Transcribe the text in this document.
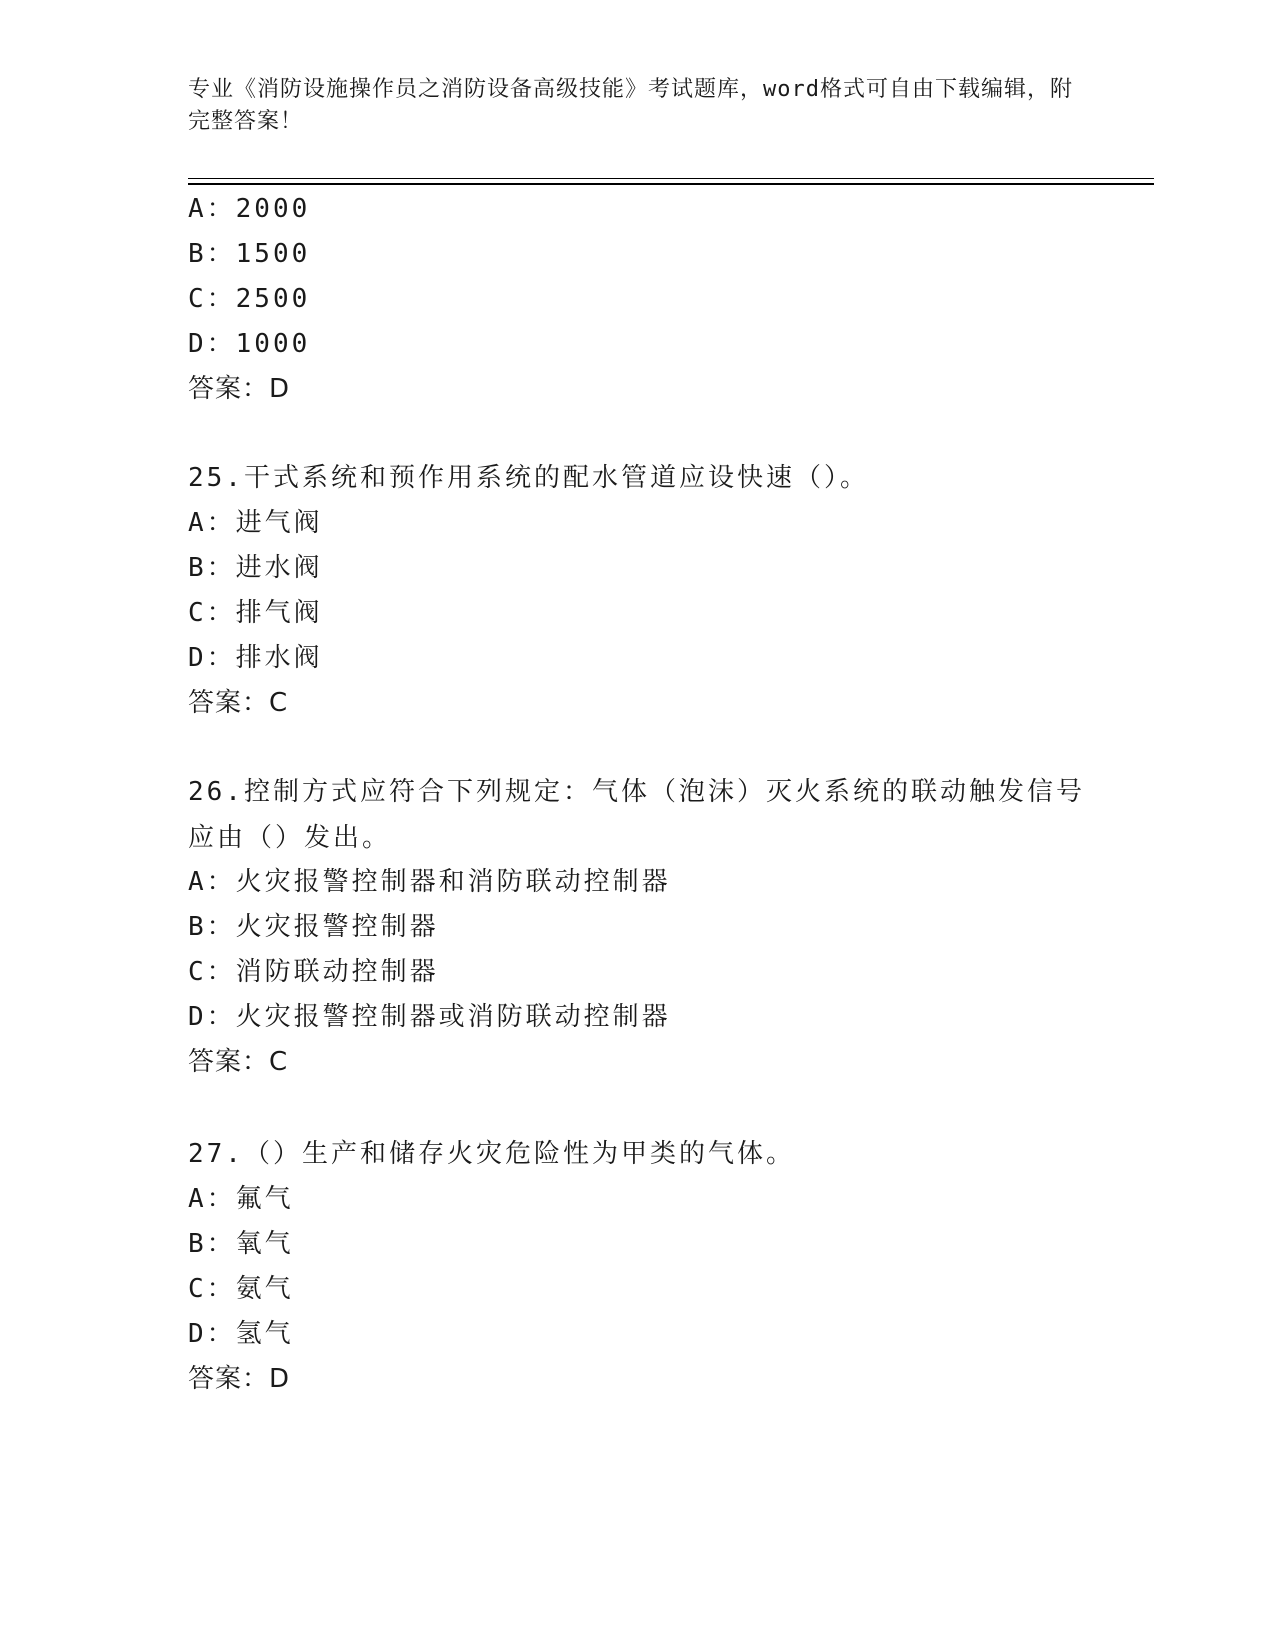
专业《消防设施操作员之消防设备高级技能》考试题库，word格式可自由下载编辑，附完整答案！
A：2000
B：1500
C：2500
D：1000
答案：D
25.干式系统和预作用系统的配水管道应设快速（）。
A：进气阀
B：进水阀
C：排气阀
D：排水阀
答案：C
26.控制方式应符合下列规定：气体（泡沫）灭火系统的联动触发信号应由（）发出。
A：火灾报警控制器和消防联动控制器
B：火灾报警控制器
C：消防联动控制器
D：火灾报警控制器或消防联动控制器
答案：C
27.（）生产和储存火灾危险性为甲类的气体。
A：氟气
B：氧气
C：氨气
D：氢气
答案：D
